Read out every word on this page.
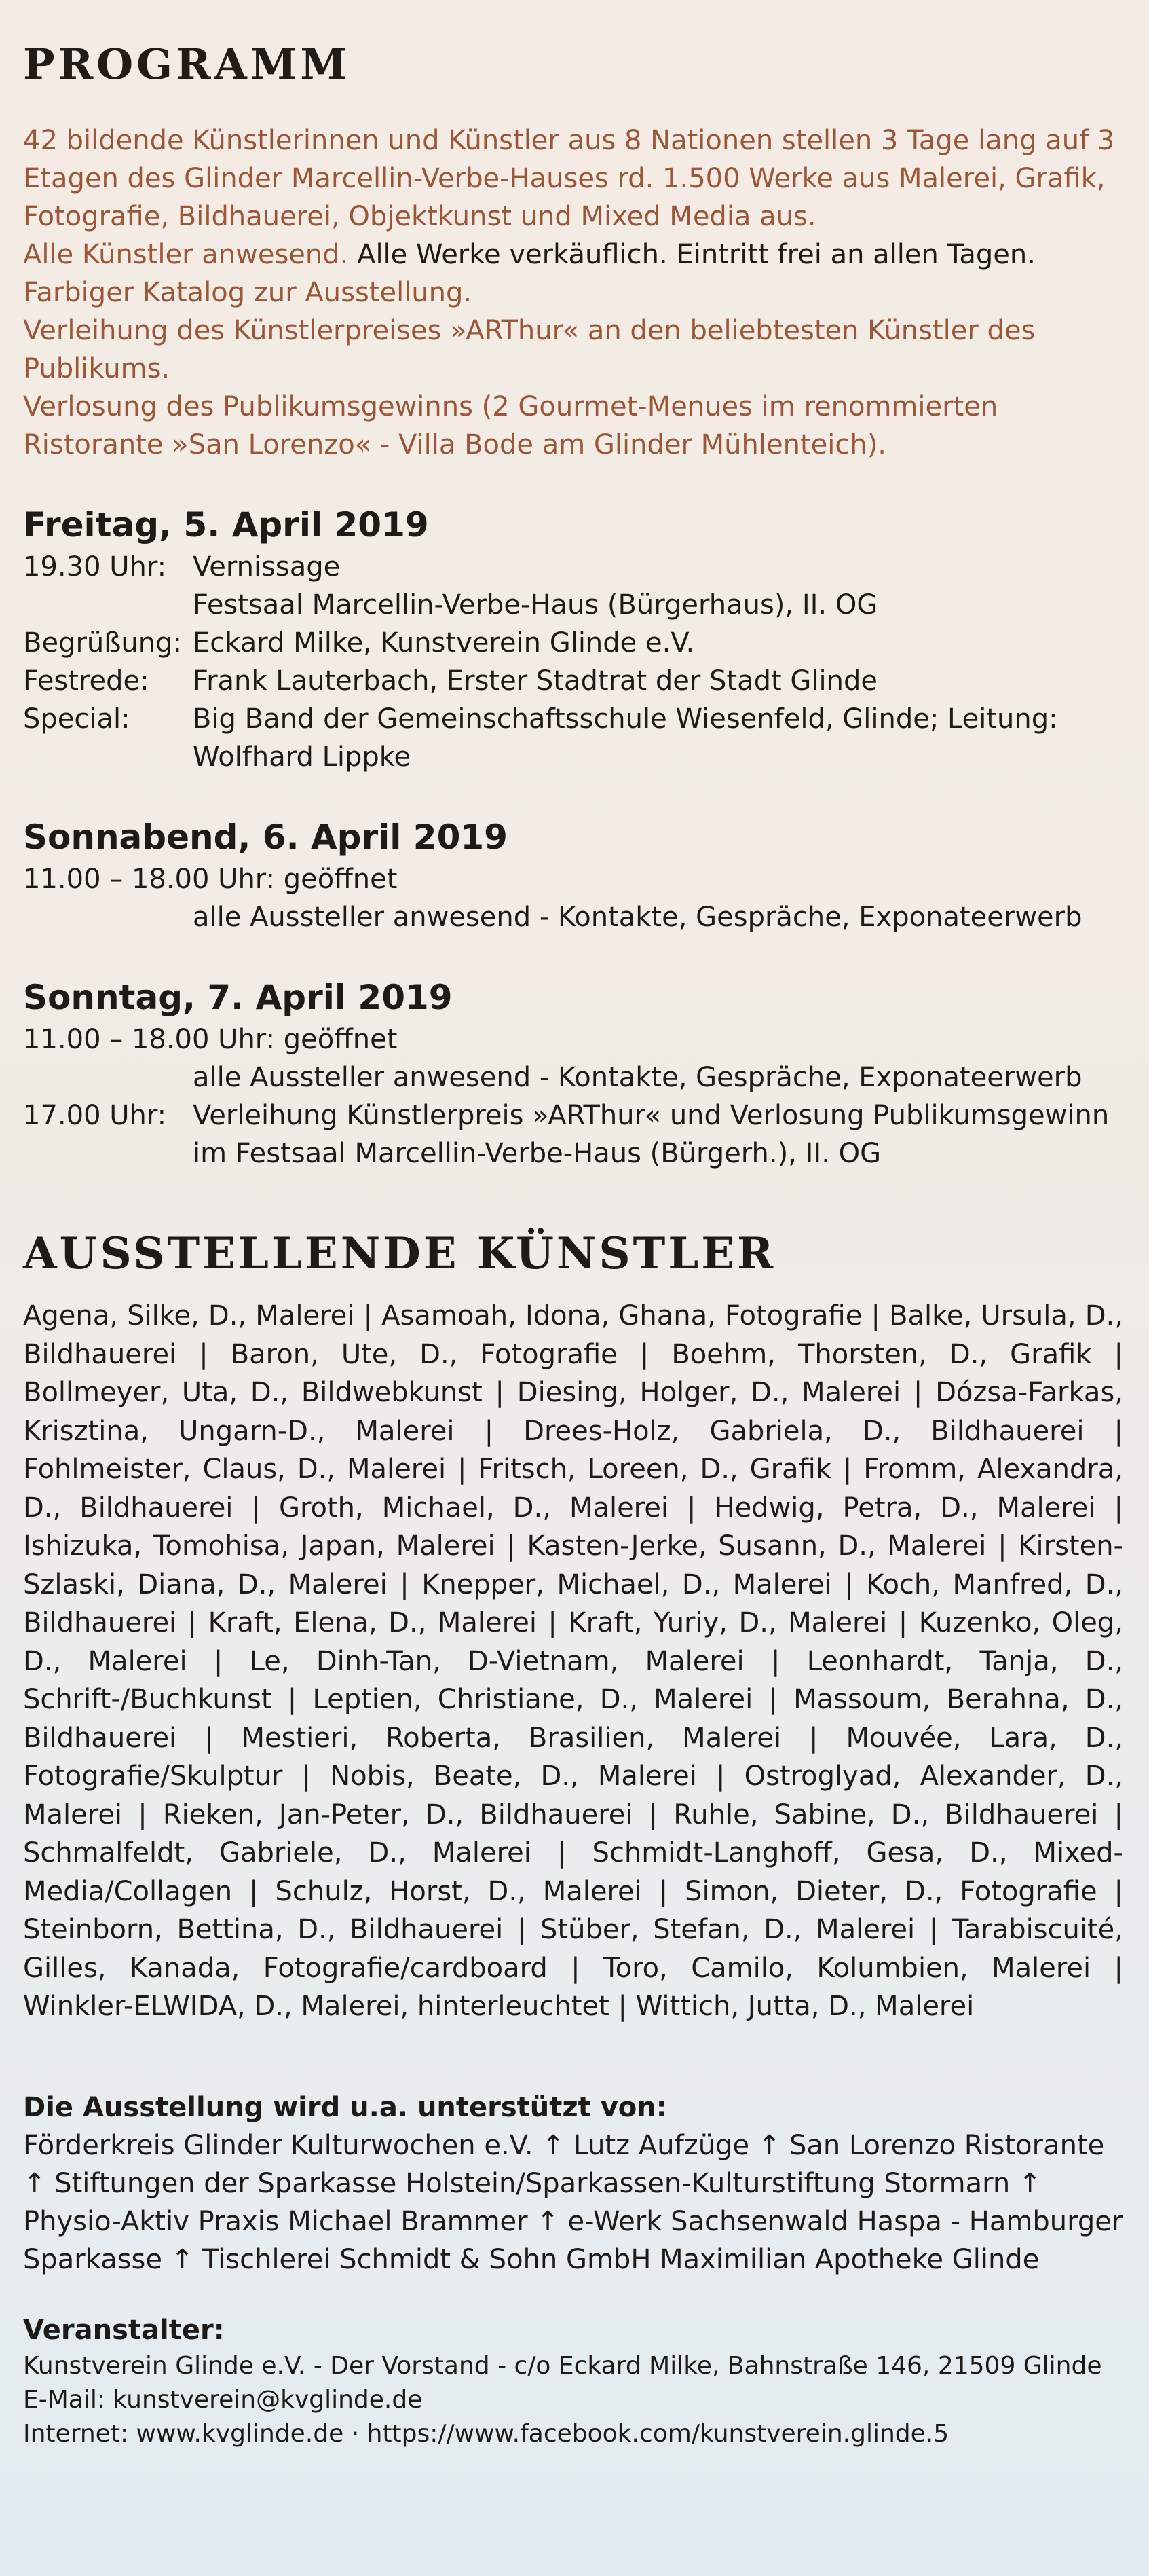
PROGRAMM

42 bildende Künstlerinnen und Künstler aus 8 Nationen stellen 3 Tage lang auf 3 Etagen des Glinder Marcellin-Verbe-Hauses rd. 1.500 Werke aus Malerei, Grafik, Fotografie, Bildhauerei, Objektkunst und Mixed Media aus.

Alle Künstler anwesend. Alle Werke verkäuflich. Eintritt frei an allen Tagen.

Farbiger Katalog zur Ausstellung.

Verleihung des Künstlerpreises »ARThur« an den beliebtesten Künstler des Publikums.

Verlosung des Publikumsgewinns (2 Gourmet-Menues im renommierten Ristorante »San Lorenzo« - Villa Bode am Glinder Mühlenteich).

Freitag, 5. April 2019
19.30 Uhr: Vernissage
Festsaal Marcellin-Verbe-Haus (Bürgerhaus), II. OG
Begrüßung: Eckard Milke, Kunstverein Glinde e.V.
Festrede:	Frank Lauterbach, Erster Stadtrat der Stadt Glinde
Special:	Big Band der Gemeinschaftsschule Wiesenfeld, Glinde; Leitung: Wolfhard Lippke
Sonnabend, 6. April 2019
11.00 – 18.00 Uhr: geöffnet
alle Aussteller anwesend - Kontakte, Gespräche, Exponateerwerb
Sonntag, 7. April 2019
11.00 – 18.00 Uhr: geöffnet
alle Aussteller anwesend - Kontakte, Gespräche, Exponateerwerb
17.00 Uhr: Verleihung Künstlerpreis »ARThur« und Verlosung Publikumsgewinn im Festsaal Marcellin-Verbe-Haus (Bürgerh.), II. OG
AUSSTELLENDE KÜNSTLER

Agena, Silke, D., Malerei | Asamoah, Idona, Ghana, Fotografie | Balke, Ursula, D., Bildhauerei | Baron, Ute, D., Fotografie | Boehm, Thorsten, D., Grafik | Bollmeyer, Uta, D., Bildwebkunst | Diesing, Holger, D., Malerei | Dózsa-Farkas, Krisztina, Ungarn-D., Malerei | Drees-Holz, Gabriela, D., Bildhauerei | Fohlmeister, Claus, D., Malerei | Fritsch, Loreen, D., Grafik | Fromm, Alexandra, D., Bildhauerei | Groth, Michael, D., Malerei | Hedwig, Petra, D., Malerei | Ishizuka, Tomohisa, Japan, Malerei | Kasten-Jerke, Susann, D., Malerei | Kirsten-Szlaski, Diana, D., Malerei | Knepper, Michael, D., Malerei | Koch, Manfred, D., Bildhauerei | Kraft, Elena, D., Malerei | Kraft, Yuriy, D., Malerei | Kuzenko, Oleg, D., Malerei | Le, Dinh-Tan, D-Vietnam, Malerei | Leonhardt, Tanja, D., Schrift-/Buchkunst | Leptien, Christiane, D., Malerei | Massoum, Berahna, D., Bildhauerei | Mestieri, Roberta, Brasilien, Malerei | Mouvée, Lara, D., Fotografie/Skulptur | Nobis, Beate, D., Malerei | Ostroglyad, Alexander, D., Malerei | Rieken, Jan-Peter, D., Bildhauerei | Ruhle, Sabine, D., Bildhauerei | Schmalfeldt, Gabriele, D., Malerei | Schmidt-Langhoff, Gesa, D., Mixed-Media/Collagen | Schulz, Horst, D., Malerei | Simon, Dieter, D., Fotografie | Steinborn, Bettina, D., Bildhauerei | Stüber, Stefan, D., Malerei | Tarabiscuité, Gilles, Kanada, Fotografie/cardboard | Toro, Camilo, Kolumbien, Malerei | Winkler-ELWIDA, D., Malerei, hinterleuchtet | Wittich, Jutta, D., Malerei

Die Ausstellung wird u.a. unterstützt von:

Förderkreis Glinder Kulturwochen e.V. ↑ Lutz Aufzüge ↑ San Lorenzo Ristorante ↑ Stiftungen der Sparkasse Holstein/Sparkassen-Kulturstiftung Stormarn ↑ Physio-Aktiv Praxis Michael Brammer ↑ e-Werk Sachsenwald Haspa - Hamburger Sparkasse ↑ Tischlerei Schmidt & Sohn GmbH Maximilian Apotheke Glinde

Veranstalter:

Kunstverein Glinde e.V. - Der Vorstand - c/o Eckard Milke, Bahnstraße 146, 21509 Glinde

E-Mail: kunstverein@kvglinde.de

Internet: www.kvglinde.de · https://www.facebook.com/kunstverein.glinde.5
